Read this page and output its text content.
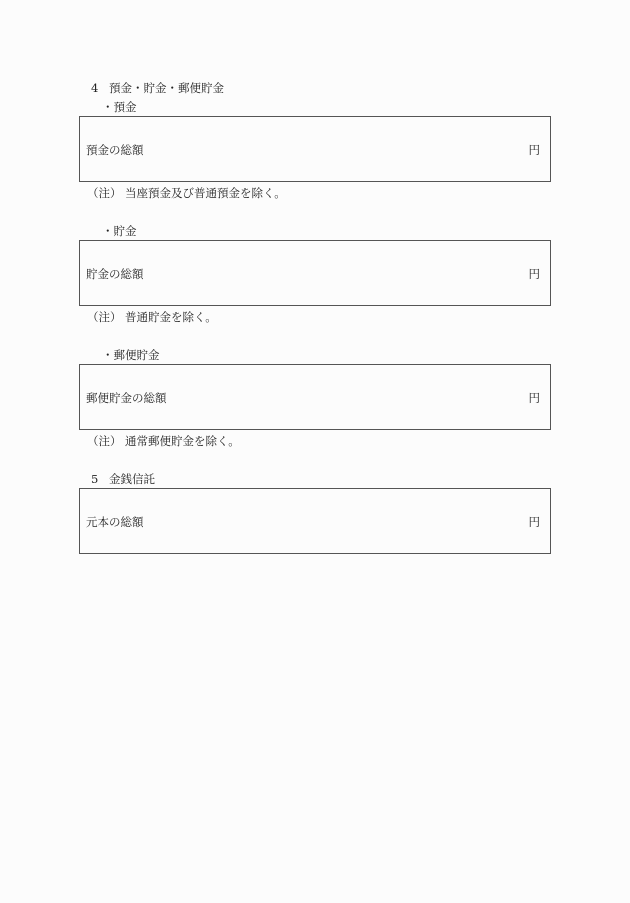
4 預金・貯金・郵便貯金
・預金
預金の総額	円
（注） 当座預金及び普通預金を除く。
・貯金
貯金の総額	円
（注） 普通貯金を除く。
・郵便貯金
郵便貯金の総額	円
（注） 通常郵便貯金を除く。
5 金銭信託
元本の総額	円
